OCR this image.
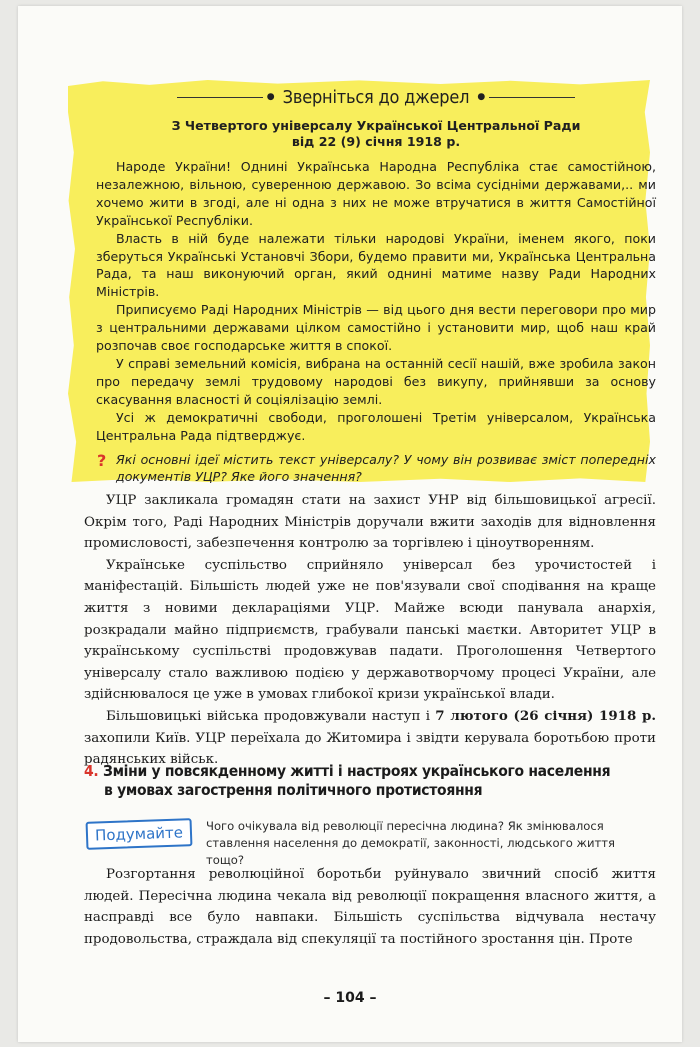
● Зверніться до джерел ●
З Четвертого універсалу Української Центральної Ради
від 22 (9) січня 1918 р.

Народе України! Однині Українська Народна Республіка стає самостійною, незалежною, вільною, суверенною державою. Зо всіма сусідніми державами,.. ми хочемо жити в згоді, але ні одна з них не може втручатися в життя Самостійної Української Республіки.

Власть в ній буде належати тільки народові України, іменем якого, поки зберуться Українські Установчі Збори, будемо правити ми, Українська Центральна Рада, та наш виконуючий орган, який однині матиме назву Ради Народних Міністрів.

Приписуємо Раді Народних Міністрів — від цього дня вести переговори про мир з центральними державами цілком самостійно і установити мир, щоб наш край розпочав своє господарське життя в спокої.

У справі земельний комісія, вибрана на останній сесії нашій, вже зробила закон про передачу землі трудовому народові без викупу, прийнявши за основу скасування власності й соціялізацію землі.

Усі ж демократичні свободи, проголошені Третім універсалом, Українська Центральна Рада підтверджує.

? Які основні ідеї містить текст універсалу? У чому він розвиває зміст попередніх документів УЦР? Яке його значення?

УЦР закликала громадян стати на захист УНР від більшовицької агресії. Окрім того, Раді Народних Міністрів доручали вжити заходів для відновлення промисловості, забезпечення контролю за торгівлею і ціноутворенням.

Українське суспільство сприйняло універсал без урочистостей і маніфестацій. Більшість людей уже не пов'язували свої сподівання на краще життя з новими деклараціями УЦР. Майже всюди панувала анархія, розкрадали майно підприємств, грабували панські маєтки. Авторитет УЦР в українському суспільстві продовжував падати. Проголошення Четвертого універсалу стало важливою подією у державотворчому процесі України, але здійснювалося це уже в умовах глибокої кризи української влади.

Більшовицькі війська продовжували наступ і 7 лютого (26 січня) 1918 р. захопили Київ. УЦР переїхала до Житомира і звідти керувала боротьбою проти радянських військ.

4. Зміни у повсякденному житті і настроях українського населення
в умовах загострення політичного протистояння
Подумайте	Чого очікувала від революції пересічна людина? Як змінювалося ставлення населення до демократії, законності, людського життя тощо?

Розгортання революційної боротьби руйнувало звичний спосіб життя людей. Пересічна людина чекала від революції покращення власного життя, а насправді все було навпаки. Більшість суспільства відчувала нестачу продовольства, страждала від спекуляції та постійного зростання цін. Проте

– 104 –
